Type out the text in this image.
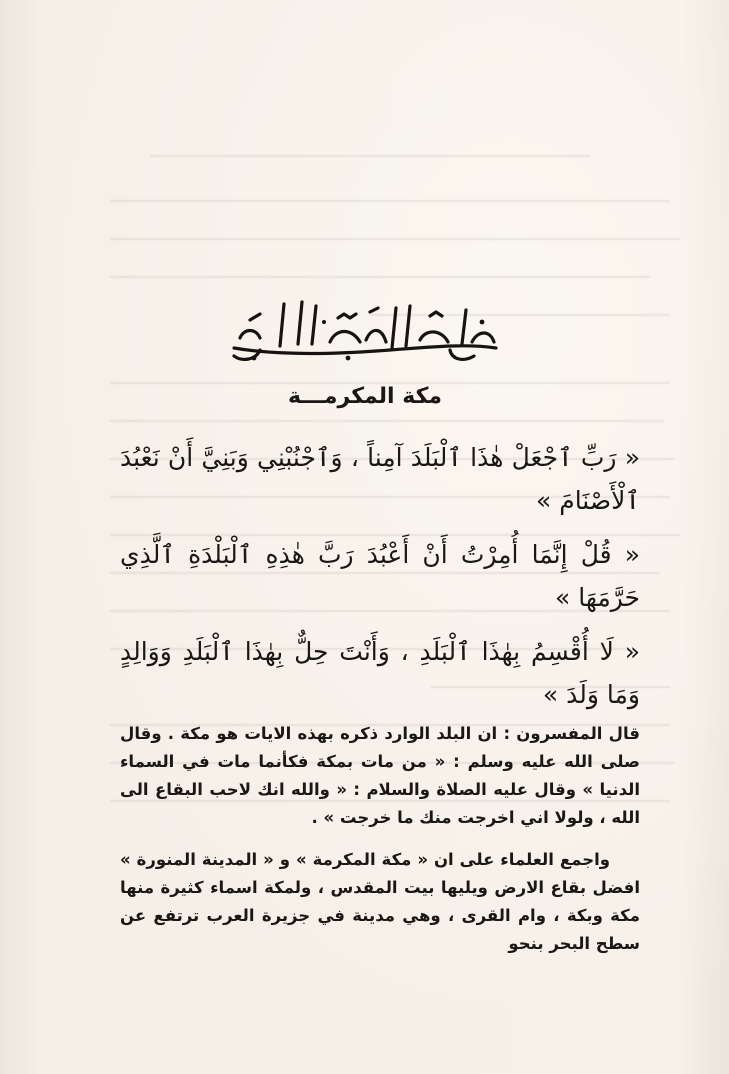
مكة المكرمـــة

« رَبِّ ٱجْعَلْ هٰذَا ٱلْبَلَدَ آمِناً ، وَٱجْنُبْنِي وَبَنِيَّ أَنْ نَعْبُدَ ٱلْأَصْنَامَ »

« قُلْ إِنَّمَا أُمِرْتُ أَنْ أَعْبُدَ رَبَّ هٰذِهِ ٱلْبَلْدَةِ ٱلَّذِي حَرَّمَهَا »

« لَا أُقْسِمُ بِهٰذَا ٱلْبَلَدِ ، وَأَنْتَ حِلٌّ بِهٰذَا ٱلْبَلَدِ وَوَالِدٍ وَمَا وَلَدَ »

قال المفسرون : ان البلد الوارد ذكره بهذه الايات هو مكة . وقال صلى الله عليه وسلم : « من مات بمكة فكأنما مات في السماء الدنيا » وقال عليه الصلاة والسلام : « والله انك لاحب البقاع الى الله ، ولولا اني اخرجت منك ما خرجت » .

واجمع العلماء على ان « مكة المكرمة » و « المدينة المنورة » افضل بقاع الارض ويليها بيت المقدس ، ولمكة اسماء كثيرة منها مكة وبكة ، وام القرى ، وهي مدينة في جزيرة العرب ترتفع عن سطح البحر بنحو
